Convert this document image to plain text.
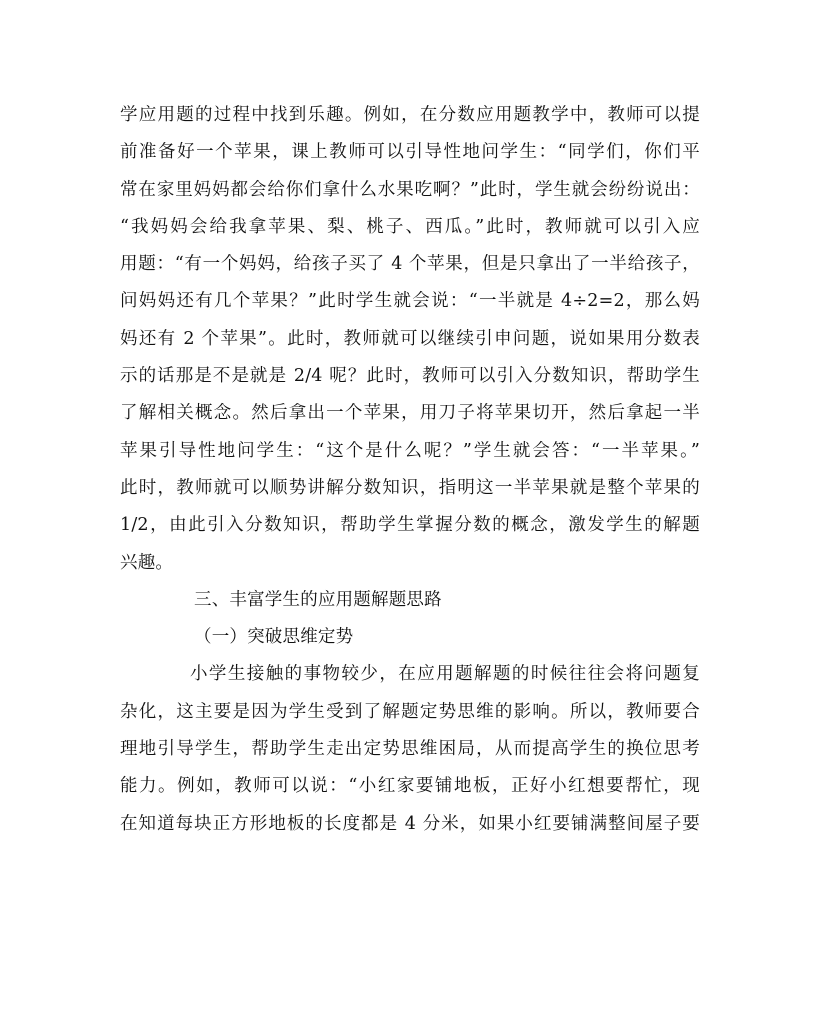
学应用题的过程中找到乐趣。例如，在分数应用题教学中，教师可以提
前准备好一个苹果，课上教师可以引导性地问学生：“同学们，你们平
常在家里妈妈都会给你们拿什么水果吃啊？”此时，学生就会纷纷说出：
“我妈妈会给我拿苹果、梨、桃子、西瓜。”此时，教师就可以引入应
用题：“有一个妈妈，给孩子买了 4 个苹果，但是只拿出了一半给孩子，
问妈妈还有几个苹果？”此时学生就会说：“一半就是 4÷2=2，那么妈
妈还有 2 个苹果”。此时，教师就可以继续引申问题，说如果用分数表
示的话那是不是就是 2/4 呢？此时，教师可以引入分数知识，帮助学生
了解相关概念。然后拿出一个苹果，用刀子将苹果切开，然后拿起一半
苹果引导性地问学生：“这个是什么呢？”学生就会答：“一半苹果。”
此时，教师就可以顺势讲解分数知识，指明这一半苹果就是整个苹果的
1/2，由此引入分数知识，帮助学生掌握分数的概念，激发学生的解题
兴趣。
三、丰富学生的应用题解题思路
（一）突破思维定势
小学生接触的事物较少，在应用题解题的时候往往会将问题复
杂化，这主要是因为学生受到了解题定势思维的影响。所以，教师要合
理地引导学生，帮助学生走出定势思维困局，从而提高学生的换位思考
能力。例如，教师可以说：“小红家要铺地板，正好小红想要帮忙，现
在知道每块正方形地板的长度都是 4 分米，如果小红要铺满整间屋子要
